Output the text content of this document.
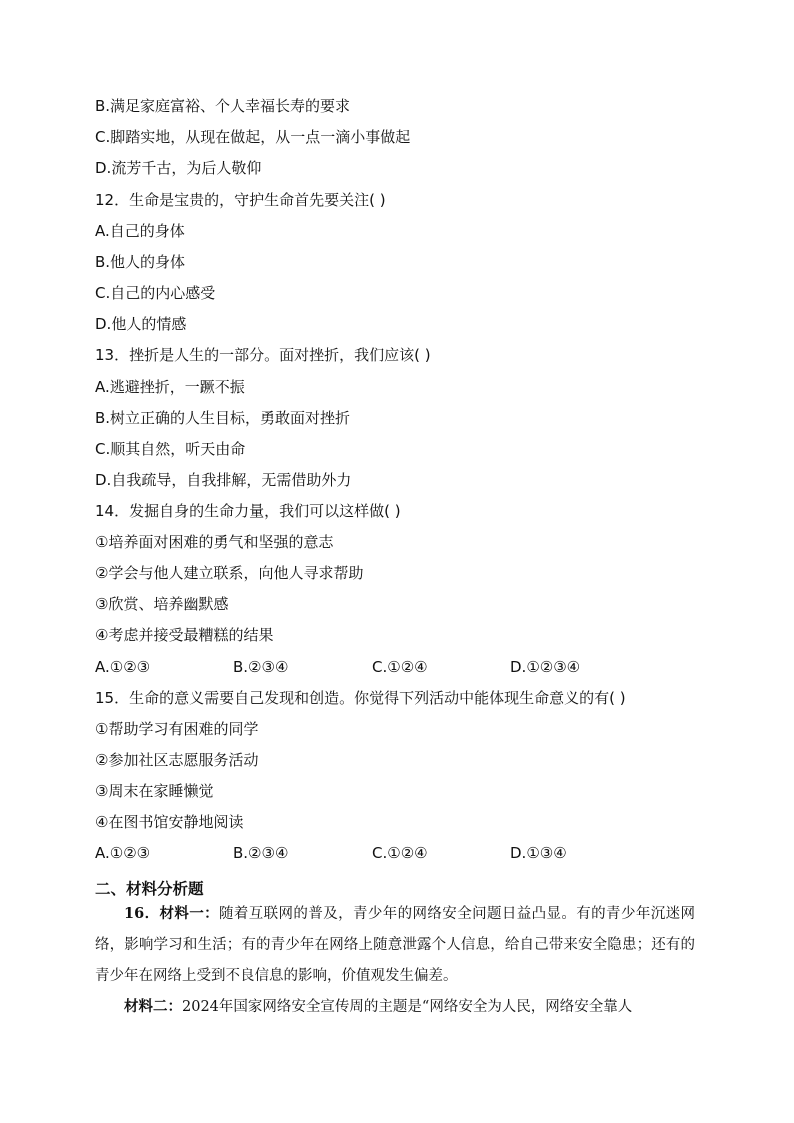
B.满足家庭富裕、个人幸福长寿的要求
C.脚踏实地，从现在做起，从一点一滴小事做起
D.流芳千古，为后人敬仰
12．生命是宝贵的，守护生命首先要关注( )
A.自己的身体
B.他人的身体
C.自己的内心感受
D.他人的情感
13．挫折是人生的一部分。面对挫折，我们应该( )
A.逃避挫折，一蹶不振
B.树立正确的人生目标，勇敢面对挫折
C.顺其自然，听天由命
D.自我疏导，自我排解，无需借助外力
14．发掘自身的生命力量，我们可以这样做( )
①培养面对困难的勇气和坚强的意志
②学会与他人建立联系，向他人寻求帮助
③欣赏、培养幽默感
④考虑并接受最糟糕的结果
A.①②③	B.②③④	C.①②④	D.①②③④
15．生命的意义需要自己发现和创造。你觉得下列活动中能体现生命意义的有( )
①帮助学习有困难的同学
②参加社区志愿服务活动
③周末在家睡懒觉
④在图书馆安静地阅读
A.①②③	B.②③④	C.①②④	D.①③④
二、材料分析题
16．材料一：随着互联网的普及，青少年的网络安全问题日益凸显。有的青少年沉迷网络，影响学习和生活；有的青少年在网络上随意泄露个人信息，给自己带来安全隐患；还有的青少年在网络上受到不良信息的影响，价值观发生偏差。
材料二：2024年国家网络安全宣传周的主题是“网络安全为人民，网络安全靠人
